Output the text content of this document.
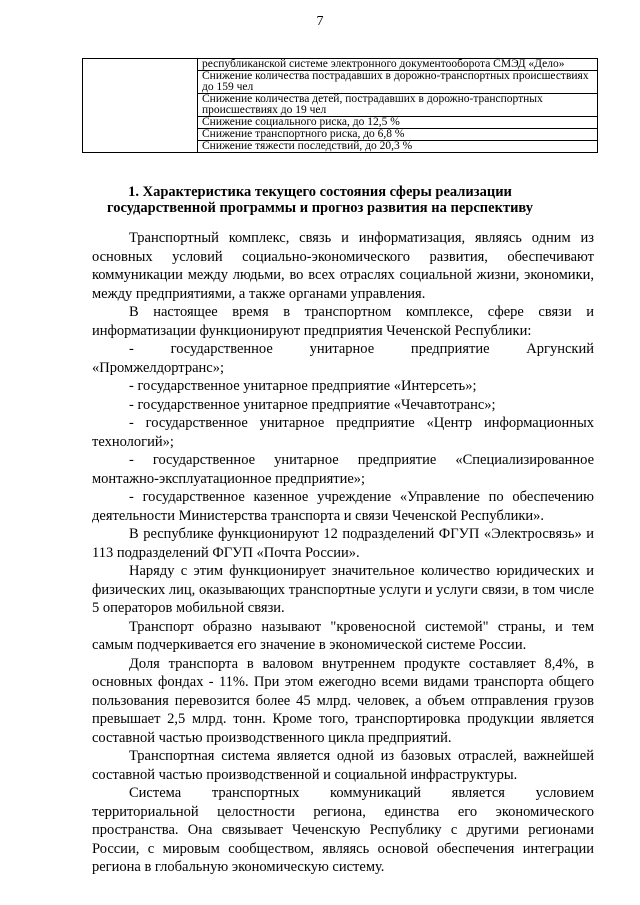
7
	республиканской системе электронного документооборота СМЭД «Дело»
Снижение количества пострадавших в дорожно-транспортных происшествиях до 159 чел
Снижение количества детей, пострадавших в дорожно-транспортных происшествиях до 19 чел
Снижение социального риска, до 12,5 %
Снижение транспортного риска, до 6,8 %
Снижение тяжести последствий, до 20,3 %
1. Характеристика текущего состояния сферы реализации
государственной программы и прогноз развития на перспективу

Транспортный комплекс, связь и информатизация, являясь одним из основных условий социально-экономического развития, обеспечивают коммуникации между людьми, во всех отраслях социальной жизни, экономики, между предприятиями, а также органами управления.

В настоящее время в транспортном комплексе, сфере связи и информатизации функционируют предприятия Чеченской Республики:

- государственное унитарное предприятие Аргунский «Промжелдортранс»;

- государственное унитарное предприятие «Интерсеть»;

- государственное унитарное предприятие «Чечавтотранс»;

- государственное унитарное предприятие «Центр информационных технологий»;

- государственное унитарное предприятие «Специализированное монтажно-эксплуатационное предприятие»;

- государственное казенное учреждение «Управление по обеспечению деятельности Министерства транспорта и связи Чеченской Республики».

В республике функционируют 12 подразделений ФГУП «Электросвязь» и 113 подразделений ФГУП «Почта России».

Наряду с этим функционирует значительное количество юридических и физических лиц, оказывающих транспортные услуги и услуги связи, в том числе 5 операторов мобильной связи.

Транспорт образно называют "кровеносной системой" страны, и тем самым подчеркивается его значение в экономической системе России.

Доля транспорта в валовом внутреннем продукте составляет 8,4%, в основных фондах - 11%. При этом ежегодно всеми видами транспорта общего пользования перевозится более 45 млрд. человек, а объем отправления грузов превышает 2,5 млрд. тонн. Кроме того, транспортировка продукции является составной частью производственного цикла предприятий.

Транспортная система является одной из базовых отраслей, важнейшей составной частью производственной и социальной инфраструктуры.

Система транспортных коммуникаций является условием территориальной целостности региона, единства его экономического пространства. Она связывает Чеченскую Республику с другими регионами России, с мировым сообществом, являясь основой обеспечения интеграции региона в глобальную экономическую систему.
